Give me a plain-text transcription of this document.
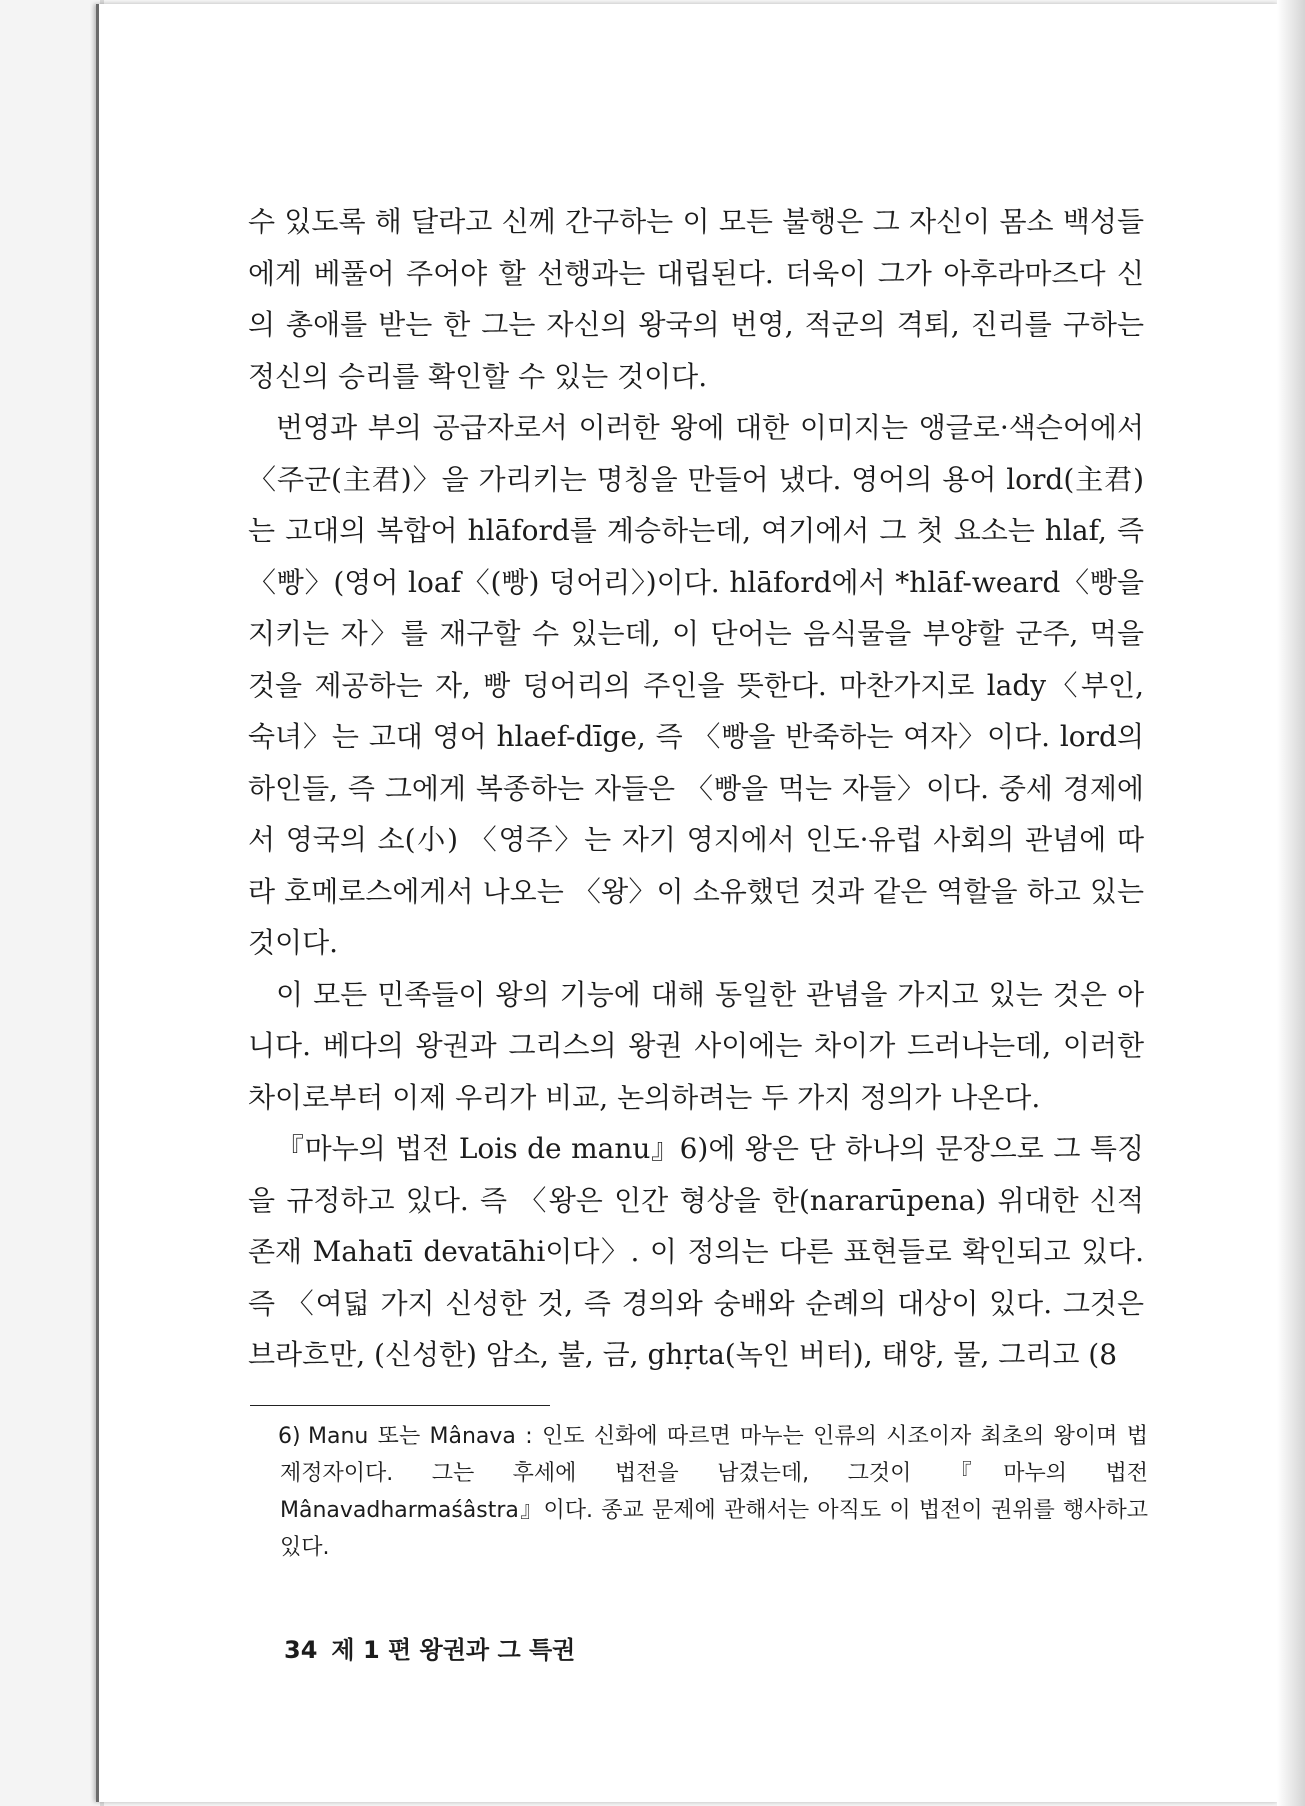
수 있도록 해 달라고 신께 간구하는 이 모든 불행은 그 자신이 몸소 백성들에게 베풀어 주어야 할 선행과는 대립된다. 더욱이 그가 아후라마즈다 신의 총애를 받는 한 그는 자신의 왕국의 번영, 적군의 격퇴, 진리를 구하는 정신의 승리를 확인할 수 있는 것이다.

번영과 부의 공급자로서 이러한 왕에 대한 이미지는 앵글로·색슨어에서 〈주군(主君)〉을 가리키는 명칭을 만들어 냈다. 영어의 용어 lord(主君)는 고대의 복합어 hlāford를 계승하는데, 여기에서 그 첫 요소는 hlaf, 즉 〈빵〉(영어 loaf〈(빵) 덩어리〉)이다. hlāford에서 *hlāf-weard〈빵을 지키는 자〉를 재구할 수 있는데, 이 단어는 음식물을 부양할 군주, 먹을 것을 제공하는 자, 빵 덩어리의 주인을 뜻한다. 마찬가지로 lady〈부인, 숙녀〉는 고대 영어 hlaef-dīge, 즉 〈빵을 반죽하는 여자〉이다. lord의 하인들, 즉 그에게 복종하는 자들은 〈빵을 먹는 자들〉이다. 중세 경제에서 영국의 소(小) 〈영주〉는 자기 영지에서 인도·유럽 사회의 관념에 따라 호메로스에게서 나오는 〈왕〉이 소유했던 것과 같은 역할을 하고 있는 것이다.

이 모든 민족들이 왕의 기능에 대해 동일한 관념을 가지고 있는 것은 아니다. 베다의 왕권과 그리스의 왕권 사이에는 차이가 드러나는데, 이러한 차이로부터 이제 우리가 비교, 논의하려는 두 가지 정의가 나온다.

『마누의 법전 Lois de manu』6)에 왕은 단 하나의 문장으로 그 특징을 규정하고 있다. 즉 〈왕은 인간 형상을 한(nararūpena) 위대한 신적 존재 Mahatī devatāhi이다〉. 이 정의는 다른 표현들로 확인되고 있다. 즉 〈여덟 가지 신성한 것, 즉 경의와 숭배와 순례의 대상이 있다. 그것은 브라흐만, (신성한) 암소, 불, 금, ghṛta(녹인 버터), 태양, 물, 그리고 (8

6) Manu 또는 Mânava : 인도 신화에 따르면 마누는 인류의 시조이자 최초의 왕이며 법 제정자이다. 그는 후세에 법전을 남겼는데, 그것이 『마누의 법전 Mânavadharmaśâstra』이다. 종교 문제에 관해서는 아직도 이 법전이 권위를 행사하고 있다.
34 제 1 편 왕권과 그 특권
